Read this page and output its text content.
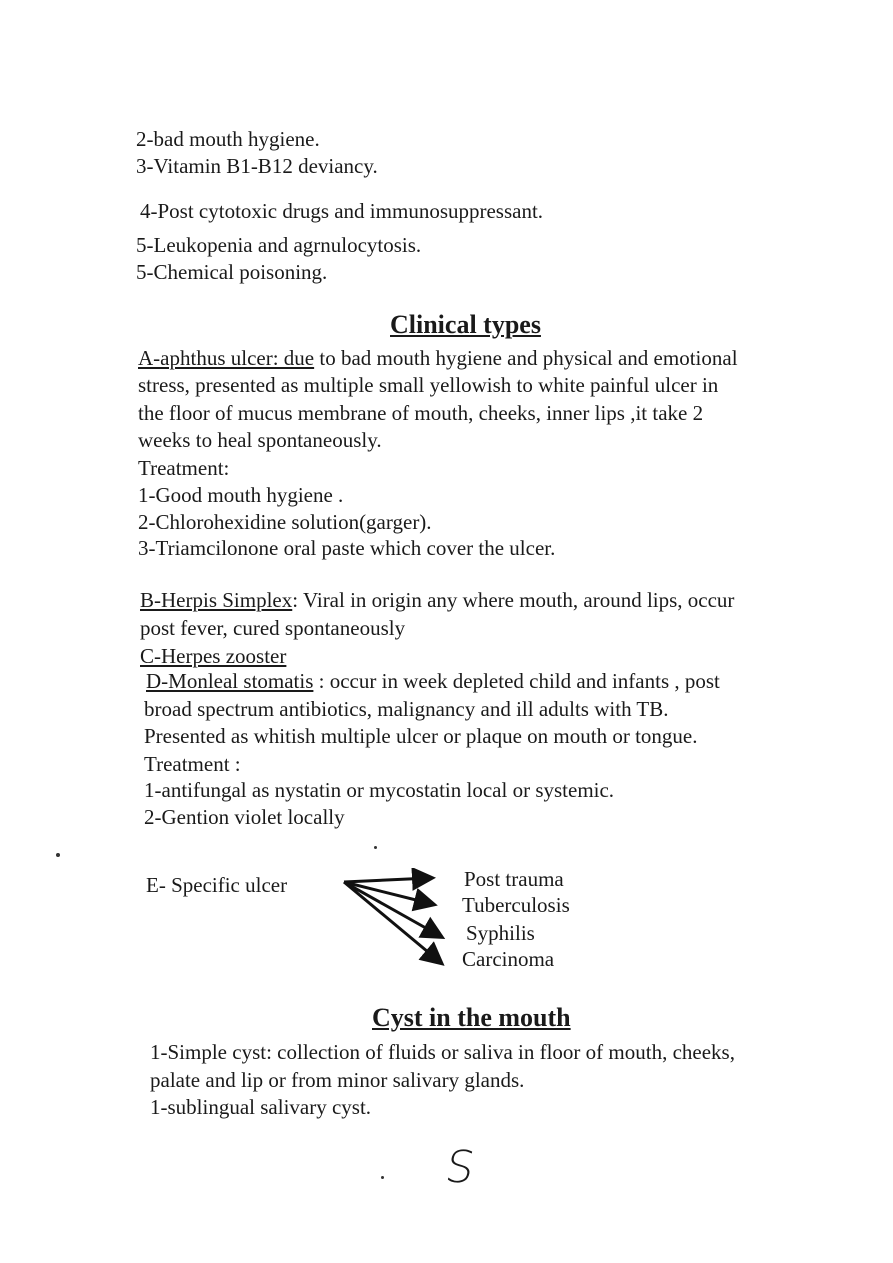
2-bad mouth hygiene.
3-Vitamin B1-B12 deviancy.
4-Post cytotoxic drugs and immunosuppressant.
5-Leukopenia and agrnulocytosis.
5-Chemical poisoning.
Clinical types
A-aphthus ulcer: due to bad mouth hygiene and physical and emotional
stress, presented as multiple small yellowish to white painful ulcer in
the floor of mucus membrane of mouth, cheeks, inner lips ,it take 2
weeks to heal spontaneously.
Treatment:
1-Good mouth hygiene .
2-Chlorohexidine solution(garger).
3-Triamcilonone oral paste which cover the ulcer.
B-Herpis Simplex: Viral in origin any where mouth, around lips, occur
post fever, cured spontaneously
C-Herpes zooster
D-Monleal stomatis : occur in week depleted child and infants , post
broad spectrum antibiotics, malignancy and ill adults with TB.
Presented as whitish multiple ulcer or plaque on mouth or tongue.
Treatment :
1-antifungal as nystatin or mycostatin local or systemic.
2-Gention violet locally
E- Specific ulcer	Post trauma
Tuberculosis
Syphilis
Carcinoma
Cyst in the mouth
1-Simple cyst: collection of fluids or saliva in floor of mouth, cheeks,
palate and lip or from minor salivary glands.
1-sublingual salivary cyst.
S
